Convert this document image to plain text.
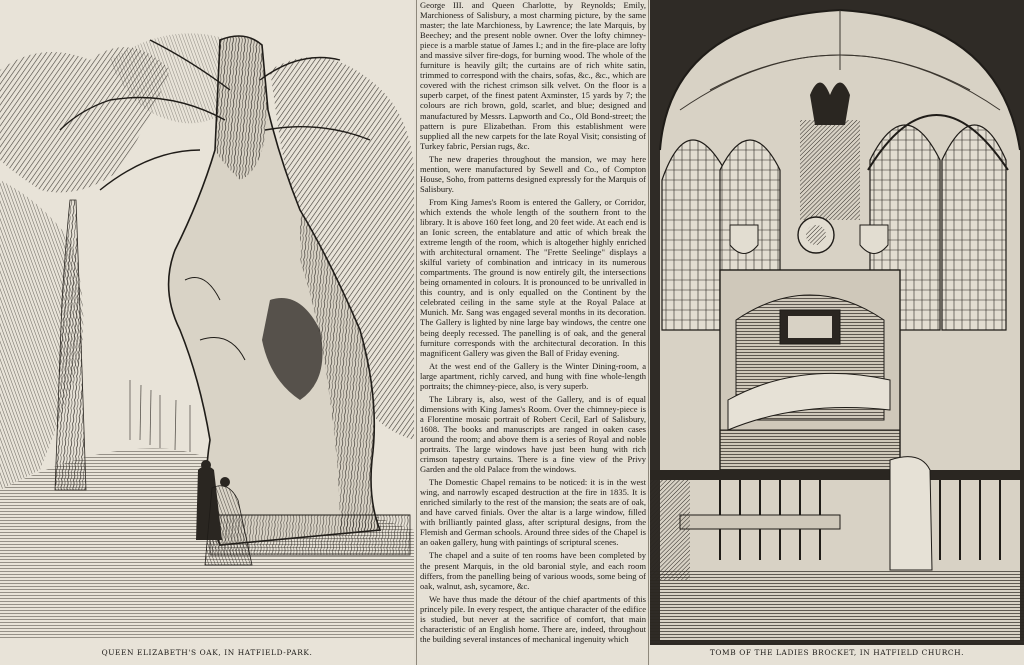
QUEEN ELIZABETH'S OAK, IN HATFIELD-PARK.

George III. and Queen Charlotte, by Reynolds; Emily, Marchioness of Salisbury, a most charming picture, by the same master; the late Marchioness, by Lawrence; the late Marquis, by Beechey; and the present noble owner. Over the lofty chimney-piece is a marble statue of James I.; and in the fire-place are lofty and massive silver fire-dogs, for burning wood. The whole of the furniture is heavily gilt; the curtains are of rich white satin, trimmed to correspond with the chairs, sofas, &c., &c., which are covered with the richest crimson silk velvet. On the floor is a superb carpet, of the finest patent Axminster, 15 yards by 7; the colours are rich brown, gold, scarlet, and blue; designed and manufactured by Messrs. Lapworth and Co., Old Bond-street; the pattern is pure Elizabethan. From this establishment were supplied all the new carpets for the late Royal Visit; consisting of Turkey fabric, Persian rugs, &c.

The new draperies throughout the mansion, we may here mention, were manufactured by Sewell and Co., of Compton House, Soho, from patterns designed expressly for the Marquis of Salisbury.

From King James's Room is entered the Gallery, or Corridor, which extends the whole length of the southern front to the library. It is above 160 feet long, and 20 feet wide. At each end is an Ionic screen, the entablature and attic of which break the extreme length of the room, which is altogether highly enriched with architectural ornament. The "Frette Seelinge" displays a skilful variety of combination and intricacy in its numerous compartments. The ground is now entirely gilt, the intersections being ornamented in colours. It is pronounced to be unrivalled in this country, and is only equalled on the Continent by the celebrated ceiling in the same style at the Royal Palace at Munich. Mr. Sang was engaged several months in its decoration. The Gallery is lighted by nine large bay windows, the centre one being deeply recessed. The panelling is of oak, and the general furniture corresponds with the architectural decoration. In this magnificent Gallery was given the Ball of Friday evening.

At the west end of the Gallery is the Winter Dining-room, a large apartment, richly carved, and hung with fine whole-length portraits; the chimney-piece, also, is very superb.

The Library is, also, west of the Gallery, and is of equal dimensions with King James's Room. Over the chimney-piece is a Florentine mosaic portrait of Robert Cecil, Earl of Salisbury, 1608. The books and manuscripts are ranged in oaken cases around the room; and above them is a series of Royal and noble portraits. The large windows have just been hung with rich crimson tapestry curtains. There is a fine view of the Privy Garden and the old Palace from the windows.

The Domestic Chapel remains to be noticed: it is in the west wing, and narrowly escaped destruction at the fire in 1835. It is enriched similarly to the rest of the mansion; the seats are of oak, and have carved finials. Over the altar is a large window, filled with brilliantly painted glass, after scriptural designs, from the Flemish and German schools. Around three sides of the Chapel is an oaken gallery, hung with paintings of scriptural scenes.

The chapel and a suite of ten rooms have been completed by the present Marquis, in the old baronial style, and each room differs, from the panelling being of various woods, some being of oak, walnut, ash, sycamore, &c.

We have thus made the détour of the chief apartments of this princely pile. In every respect, the antique character of the edifice is studied, but never at the sacrifice of comfort, that main characteristic of an English home. There are, indeed, throughout the building several instances of mechanical ingenuity which

TOMB OF THE LADIES BROCKET, IN HATFIELD CHURCH.
